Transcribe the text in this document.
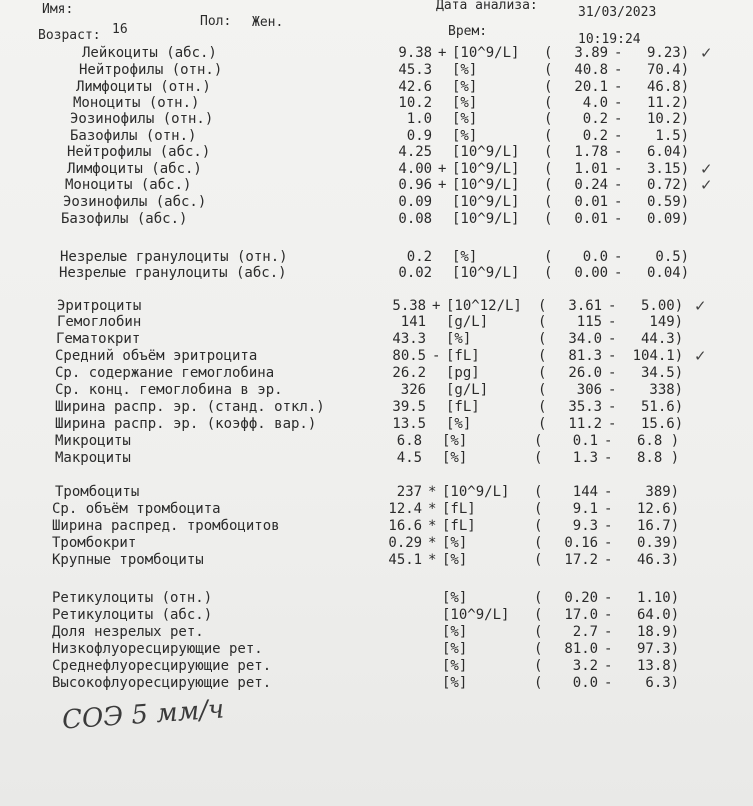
Имя:
Возраст: 16
Пол: Жен.
Дата анализа:	31/03/2023
Врем:
10:19:24
Лейкоциты (абс.)	9.38 + [10^9/L] ( 3.89 - 9.23) ✓
Нейтрофилы (отн.)	45.3 [%]	( 40.8 - 70.4)
Лимфоциты (отн.)	42.6 [%]	( 20.1 - 46.8)
Моноциты (отн.)	10.2 [%]	( 4.0 - 11.2)
Эозинофилы (отн.)	1.0 [%]	( 0.2 - 10.2)
Базофилы (отн.)	0.9 [%]	( 0.2 - 1.5)
Нейтрофилы (абс.)	4.25 [10^9/L] ( 1.78 - 6.04)
Лимфоциты (абс.)	4.00 + [10^9/L] ( 1.01 - 3.15) ✓
Моноциты (абс.)	0.96 + [10^9/L] ( 0.24 - 0.72) ✓
Эозинофилы (абс.)	0.09 [10^9/L] ( 0.01 - 0.59)
Базофилы (абс.)	0.08 [10^9/L] ( 0.01 - 0.09)
Незрелые гранулоциты (отн.)	0.2 [%]	( 0.0 - 0.5)
Незрелые гранулоциты (абс.)	0.02 [10^9/L] ( 0.00 - 0.04)
Эритроциты	5.38 + [10^12/L] ( 3.61 - 5.00) ✓
Гемоглобин	141 [g/L]	( 115 - 149)
Гематокрит	43.3 [%]	( 34.0 - 44.3)
Средний объём эритроцита	80.5 - [fL]	( 81.3 - 104.1) ✓
Ср. содержание гемоглобина	26.2 [pg]	( 26.0 - 34.5)
Ср. конц. гемоглобина в эр.	326 [g/L]	( 306 - 338)
Ширина распр. эр. (станд. откл.)	39.5 [fL]	( 35.3 - 51.6)
Ширина распр. эр. (коэфф. вар.)	13.5 [%]	( 11.2 - 15.6)
Микроциты	6.8 [%]	( 0.1 - 6.8 )
Макроциты	4.5 [%]	( 1.3 - 8.8 )
Тромбоциты	237 * [10^9/L] ( 144 - 389)
Ср. объём тромбоцита	12.4 * [fL]	( 9.1 - 12.6)
Ширина распред. тромбоцитов	16.6 * [fL]	( 9.3 - 16.7)
Тромбокрит	0.29 * [%]	( 0.16 - 0.39)
Крупные тромбоциты	45.1 * [%]	( 17.2 - 46.3)
Ретикулоциты (отн.)	[%]	( 0.20 - 1.10)
Ретикулоциты (абс.)	[10^9/L] ( 17.0 - 64.0)
Доля незрелых рет.	[%]	( 2.7 - 18.9)
Низкофлуоресцирующие рет.	[%]	( 81.0 - 97.3)
Среднефлуоресцирующие рет.	[%]	( 3.2 - 13.8)
Высокофлуоресцирующие рет.	[%]	( 0.0 - 6.3)
СОЭ 5 мм/ч
